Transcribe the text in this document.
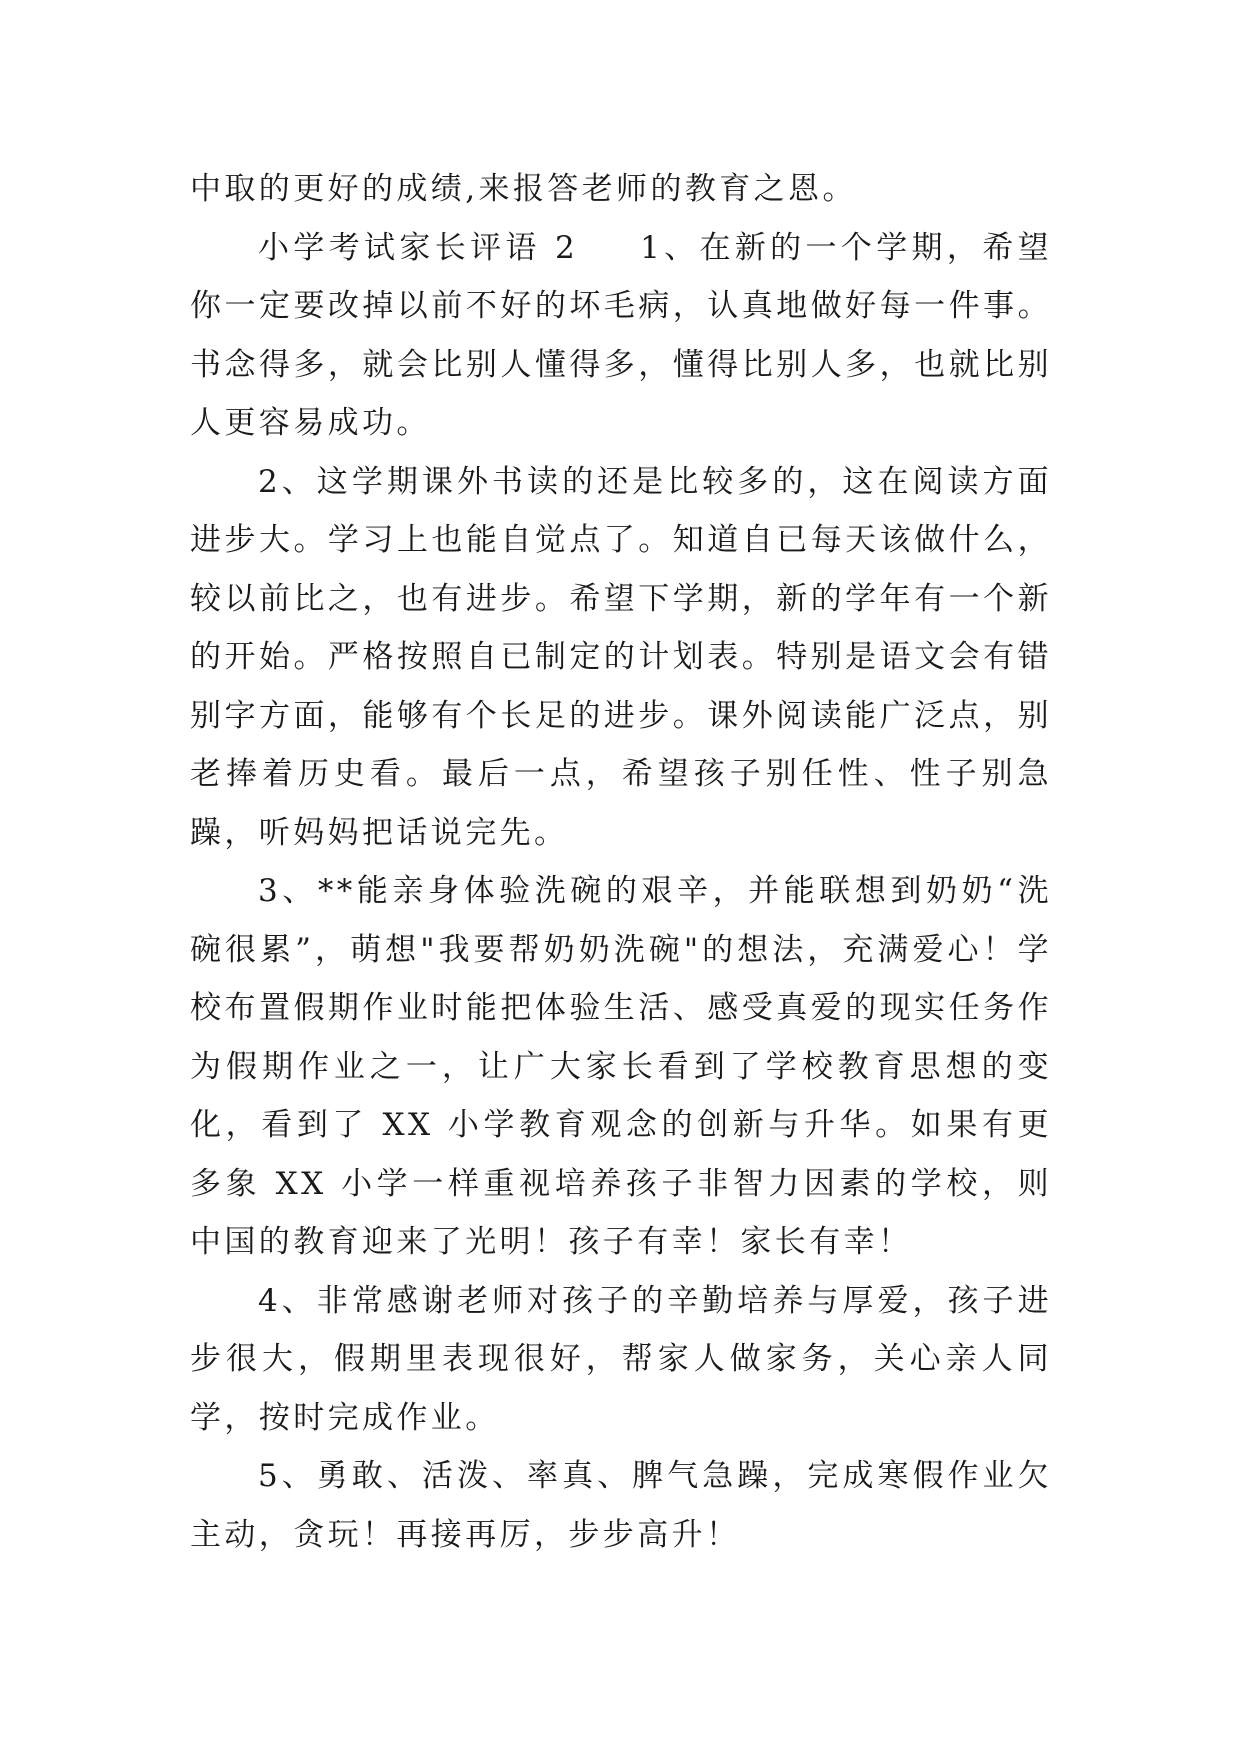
中取的更好的成绩,来报答老师的教育之恩。

小学考试家长评语 2 1、在新的一个学期，希望你一定要改掉以前不好的坏毛病，认真地做好每一件事。书念得多，就会比别人懂得多，懂得比别人多，也就比别人更容易成功。

2、这学期课外书读的还是比较多的，这在阅读方面进步大。学习上也能自觉点了。知道自已每天该做什么，较以前比之，也有进步。希望下学期，新的学年有一个新的开始。严格按照自已制定的计划表。特别是语文会有错别字方面，能够有个长足的进步。课外阅读能广泛点，别老捧着历史看。最后一点，希望孩子别任性、性子别急躁，听妈妈把话说完先。

3、**能亲身体验洗碗的艰辛，并能联想到奶奶“洗碗很累”，萌想"我要帮奶奶洗碗"的想法，充满爱心！学校布置假期作业时能把体验生活、感受真爱的现实任务作为假期作业之一，让广大家长看到了学校教育思想的变化，看到了 XX 小学教育观念的创新与升华。如果有更多象 XX 小学一样重视培养孩子非智力因素的学校，则中国的教育迎来了光明！孩子有幸！家长有幸！

4、非常感谢老师对孩子的辛勤培养与厚爱，孩子进步很大，假期里表现很好，帮家人做家务，关心亲人同学，按时完成作业。

5、勇敢、活泼、率真、脾气急躁，完成寒假作业欠主动，贪玩！再接再厉，步步高升！
